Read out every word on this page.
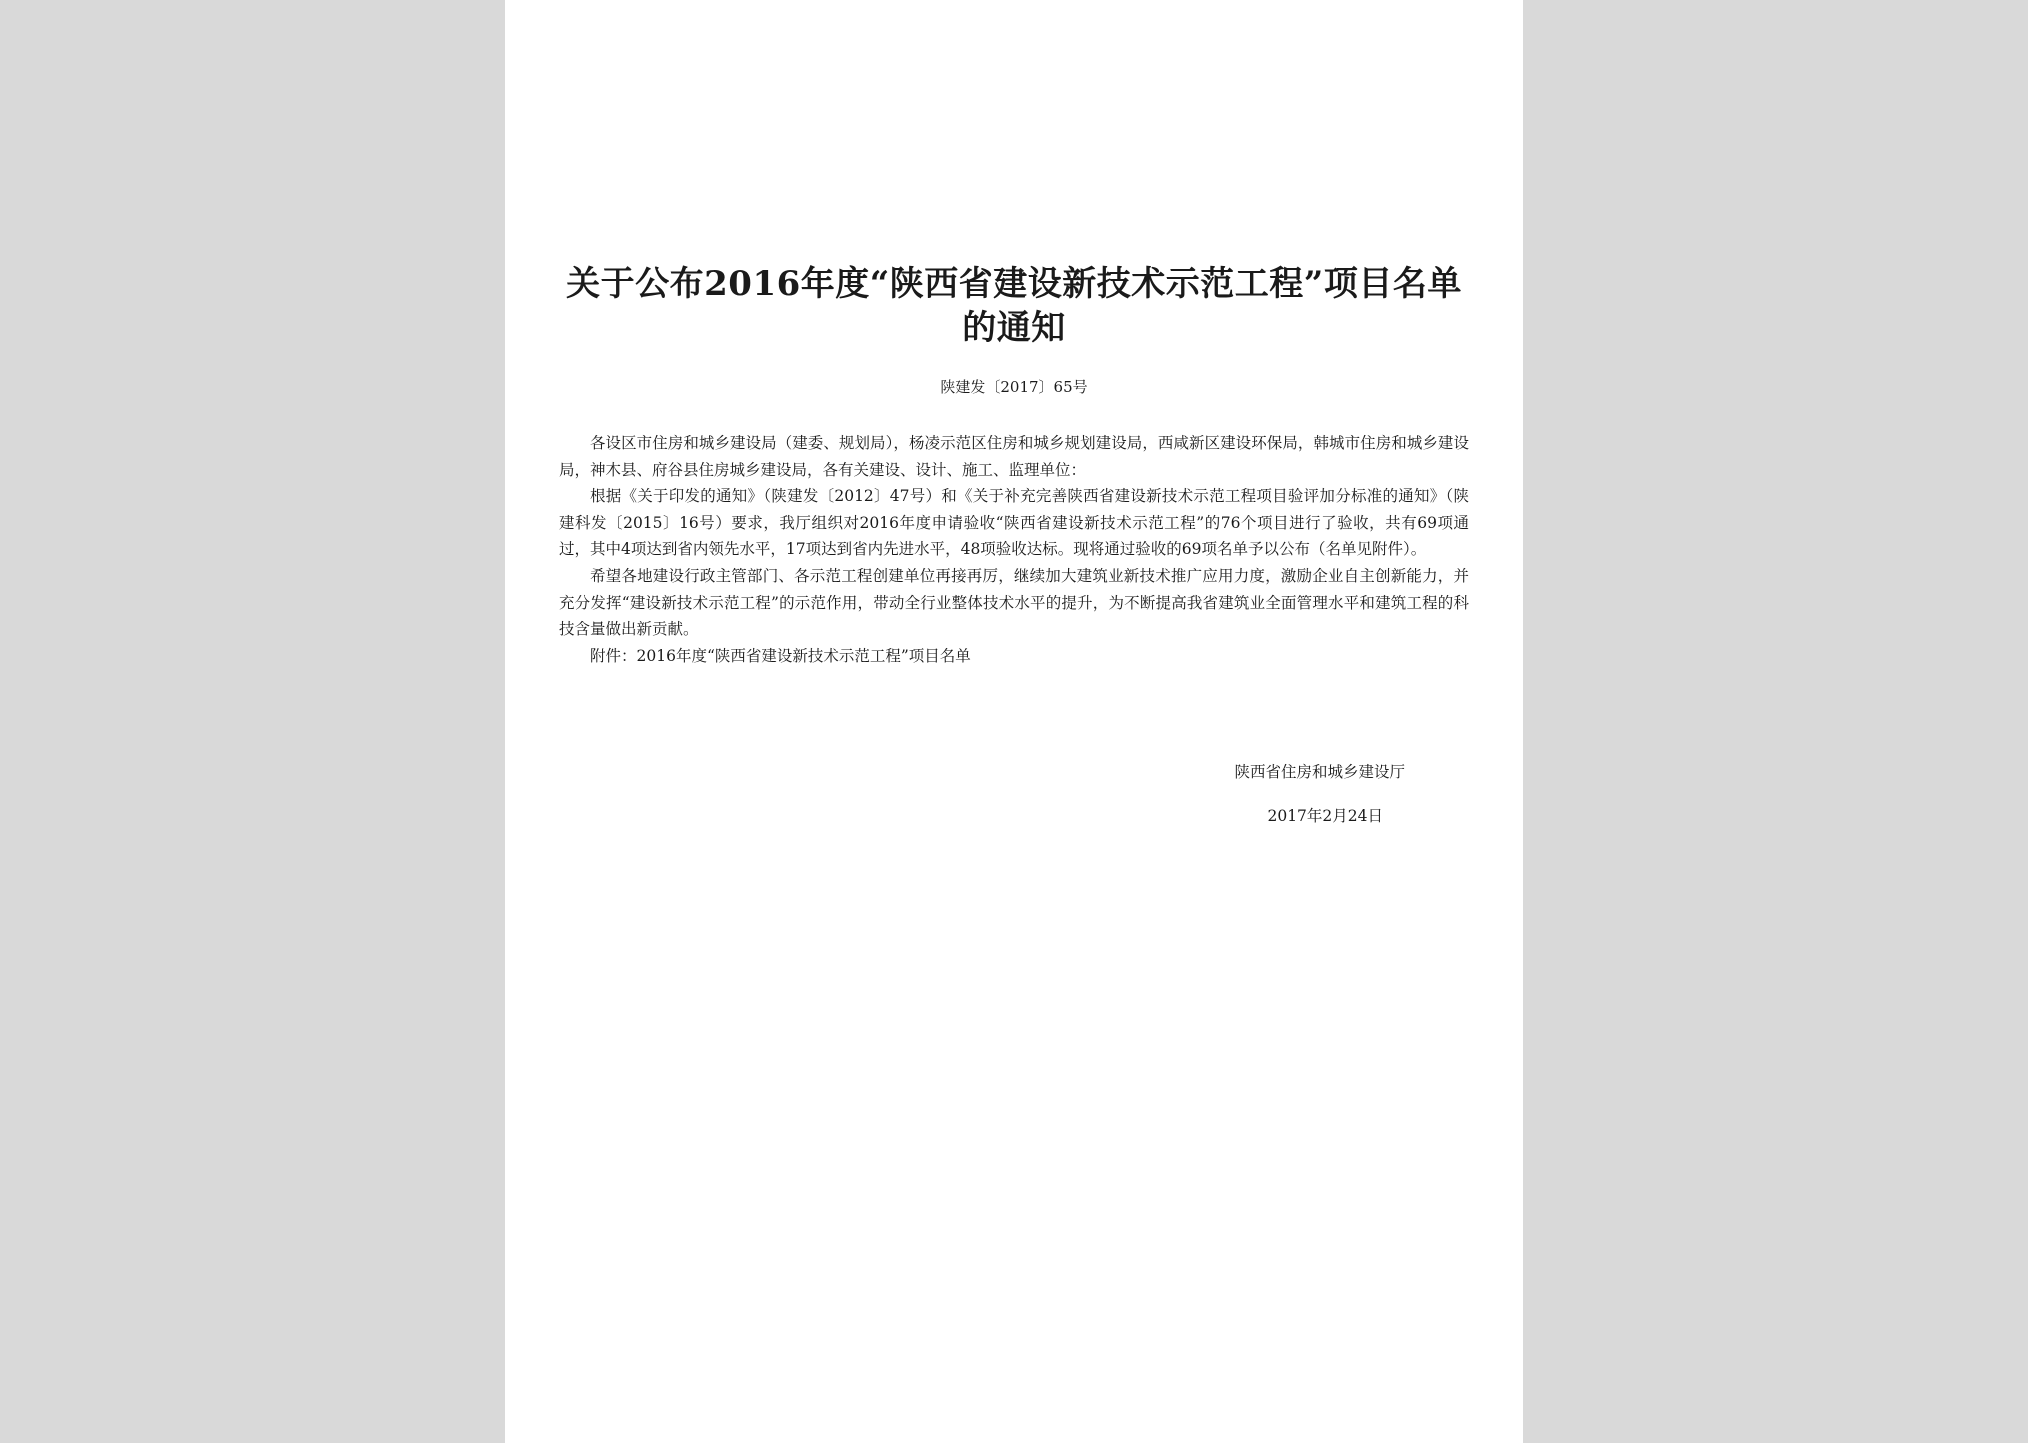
关于公布2016年度“陕西省建设新技术示范工程”项目名单的通知
陕建发〔2017〕65号

各设区市住房和城乡建设局（建委、规划局），杨凌示范区住房和城乡规划建设局，西咸新区建设环保局，韩城市住房和城乡建设局，神木县、府谷县住房城乡建设局，各有关建设、设计、施工、监理单位：

根据《关于印发的通知》（陕建发〔2012〕47号）和《关于补充完善陕西省建设新技术示范工程项目验评加分标准的通知》（陕建科发〔2015〕16号）要求，我厅组织对2016年度申请验收“陕西省建设新技术示范工程”的76个项目进行了验收，共有69项通过，其中4项达到省内领先水平，17项达到省内先进水平，48项验收达标。现将通过验收的69项名单予以公布（名单见附件）。

希望各地建设行政主管部门、各示范工程创建单位再接再厉，继续加大建筑业新技术推广应用力度，激励企业自主创新能力，并充分发挥“建设新技术示范工程”的示范作用，带动全行业整体技术水平的提升，为不断提高我省建筑业全面管理水平和建筑工程的科技含量做出新贡献。

附件：2016年度“陕西省建设新技术示范工程”项目名单

陕西省住房和城乡建设厅
2017年2月24日
